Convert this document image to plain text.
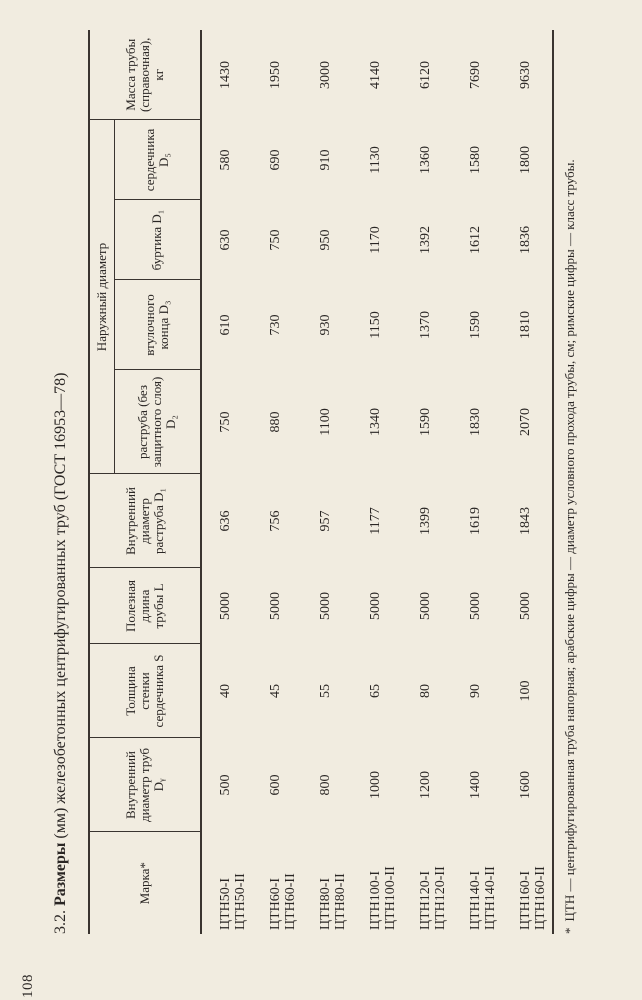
108
3.2. Размеры (мм) железобетонных центрифугированных труб (ГОСТ 16953—78)
Марка*	Внутренний диаметр труб Dᵧ	Толщина стенки сердечника S	Полезная длина трубы L	Внутренний диаметр раструба D₁	Наружный диаметр				Масса трубы (справочная), кг
					раструба (без защитного слоя) D₂	втулочного конца D₃	буртика D₁	сердечника D₅	

ЦТН50-I ЦТН50-II	500	40	5000	636	750	610	630	580	1430

ЦТН60-I ЦТН60-II	600	45	5000	756	880	730	750	690	1950

ЦТН80-I ЦТН80-II	800	55	5000	957	1100	930	950	910	3000

ЦТН100-I ЦТН100-II	1000	65	5000	1177	1340	1150	1170	1130	4140

ЦТН120-I ЦТН120-II	1200	80	5000	1399	1590	1370	1392	1360	6120

ЦТН140-I ЦТН140-II	1400	90	5000	1619	1830	1590	1612	1580	7690

ЦТН160-I ЦТН160-II	1600	100	5000	1843	2070	1810	1836	1800	9630
*ЦТН — центрифугированная труба напорная; арабские цифры — диаметр условного прохода трубы, см; римские цифры — класс трубы.
